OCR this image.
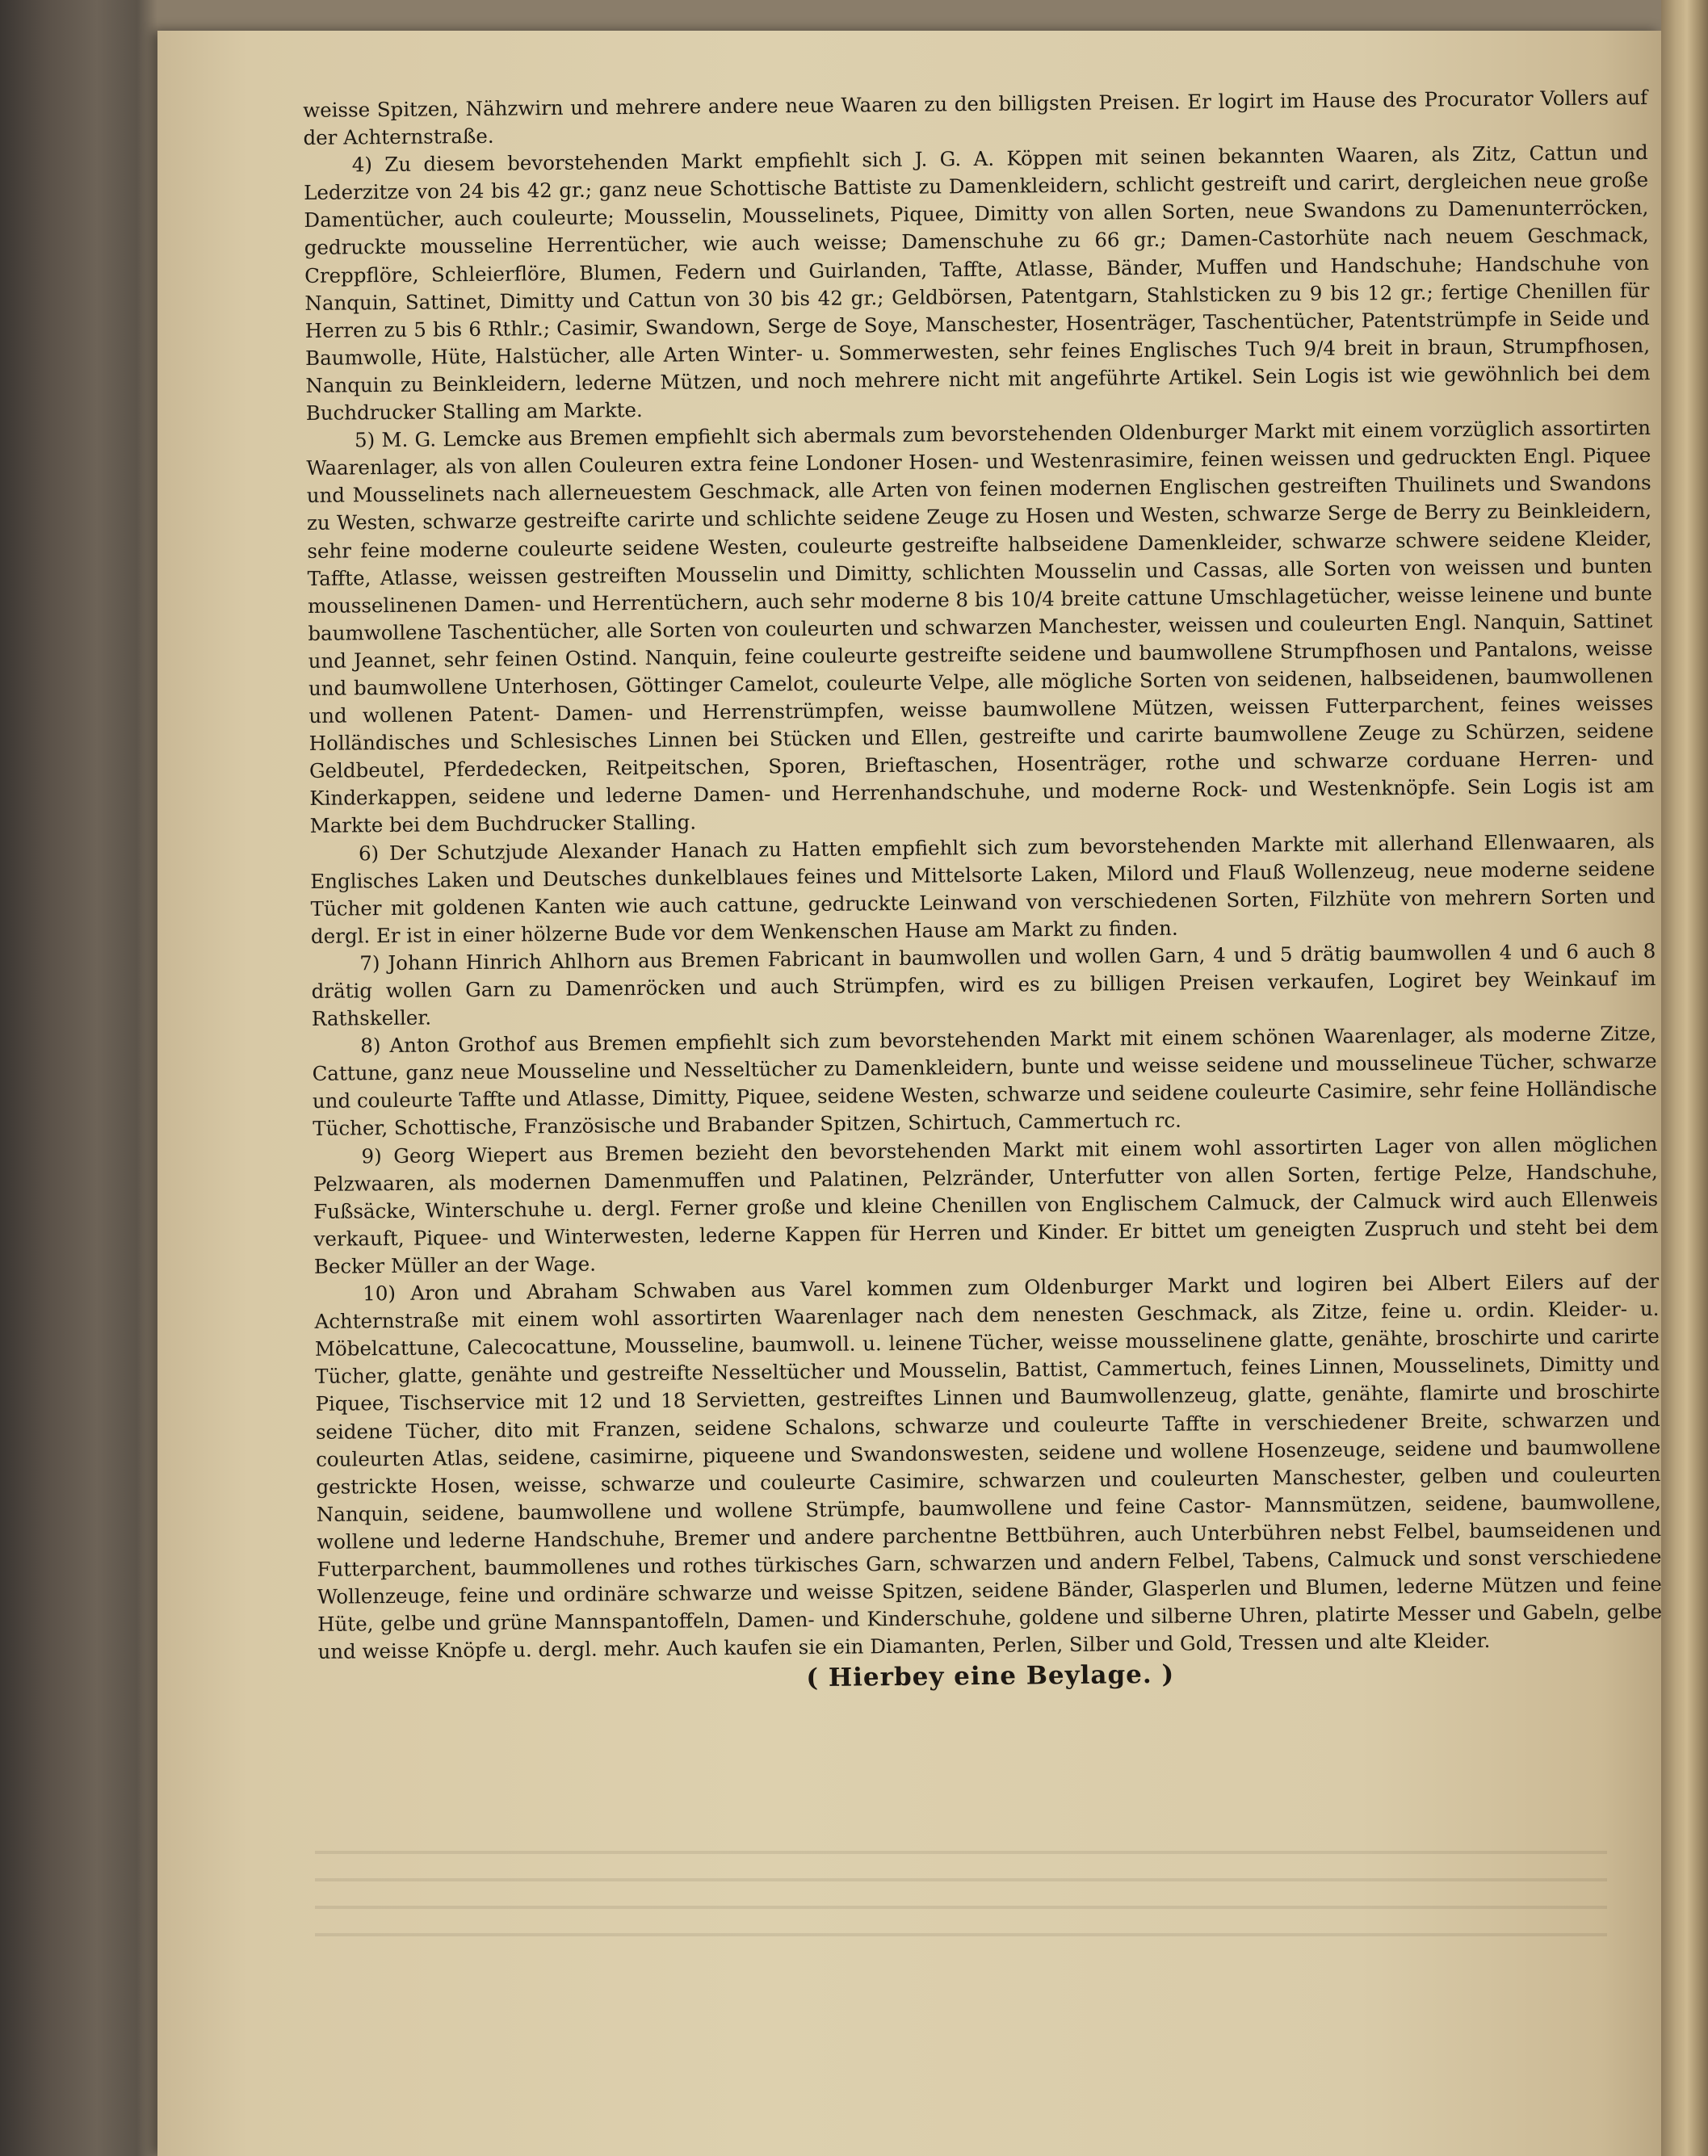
weisse Spitzen, Nähzwirn und mehrere andere neue Waaren zu den billigsten Preisen. Er logirt im Hause des Procurator Vollers auf der Achternstraße.

4) Zu diesem bevorstehenden Markt empfiehlt sich J. G. A. Köppen mit seinen bekannten Waaren, als Zitz, Cattun und Lederzitze von 24 bis 42 gr.; ganz neue Schottische Battiste zu Damenkleidern, schlicht gestreift und carirt, dergleichen neue große Damentücher, auch couleurte; Mousselin, Mousselinets, Piquee, Dimitty von allen Sorten, neue Swandons zu Damenunterröcken, gedruckte mousseline Herrentücher, wie auch weisse; Damenschuhe zu 66 gr.; Damen-Castorhüte nach neuem Geschmack, Creppflöre, Schleierflöre, Blumen, Federn und Guirlanden, Taffte, Atlasse, Bänder, Muffen und Handschuhe; Handschuhe von Nanquin, Sattinet, Dimitty und Cattun von 30 bis 42 gr.; Geldbörsen, Patentgarn, Stahlsticken zu 9 bis 12 gr.; fertige Chenillen für Herren zu 5 bis 6 Rthlr.; Casimir, Swandown, Serge de Soye, Manschester, Hosenträger, Taschentücher, Patentstrümpfe in Seide und Baumwolle, Hüte, Halstücher, alle Arten Winter- u. Sommerwesten, sehr feines Englisches Tuch 9/4 breit in braun, Strumpfhosen, Nanquin zu Beinkleidern, lederne Mützen, und noch mehrere nicht mit angeführte Artikel. Sein Logis ist wie gewöhnlich bei dem Buchdrucker Stalling am Markte.

5) M. G. Lemcke aus Bremen empfiehlt sich abermals zum bevorstehenden Oldenburger Markt mit einem vorzüglich assortirten Waarenlager, als von allen Couleuren extra feine Londoner Hosen- und Westenrasimire, feinen weissen und gedruckten Engl. Piquee und Mousselinets nach allerneuestem Geschmack, alle Arten von feinen modernen Englischen gestreiften Thuilinets und Swandons zu Westen, schwarze gestreifte carirte und schlichte seidene Zeuge zu Hosen und Westen, schwarze Serge de Berry zu Beinkleidern, sehr feine moderne couleurte seidene Westen, couleurte gestreifte halbseidene Damenkleider, schwarze schwere seidene Kleider, Taffte, Atlasse, weissen gestreiften Mousselin und Dimitty, schlichten Mousselin und Cassas, alle Sorten von weissen und bunten mousselinenen Damen- und Herrentüchern, auch sehr moderne 8 bis 10/4 breite cattune Umschlagetücher, weisse leinene und bunte baumwollene Taschentücher, alle Sorten von couleurten und schwarzen Manchester, weissen und couleurten Engl. Nanquin, Sattinet und Jeannet, sehr feinen Ostind. Nanquin, feine couleurte gestreifte seidene und baumwollene Strumpfhosen und Pantalons, weisse und baumwollene Unterhosen, Göttinger Camelot, couleurte Velpe, alle mögliche Sorten von seidenen, halbseidenen, baumwollenen und wollenen Patent- Damen- und Herrenstrümpfen, weisse baumwollene Mützen, weissen Futterparchent, feines weisses Holländisches und Schlesisches Linnen bei Stücken und Ellen, gestreifte und carirte baumwollene Zeuge zu Schürzen, seidene Geldbeutel, Pferdedecken, Reitpeitschen, Sporen, Brieftaschen, Hosenträger, rothe und schwarze corduane Herren- und Kinderkappen, seidene und lederne Damen- und Herrenhandschuhe, und moderne Rock- und Westenknöpfe. Sein Logis ist am Markte bei dem Buchdrucker Stalling.

6) Der Schutzjude Alexander Hanach zu Hatten empfiehlt sich zum bevorstehenden Markte mit allerhand Ellenwaaren, als Englisches Laken und Deutsches dunkelblaues feines und Mittelsorte Laken, Milord und Flauß Wollenzeug, neue moderne seidene Tücher mit goldenen Kanten wie auch cattune, gedruckte Leinwand von verschiedenen Sorten, Filzhüte von mehrern Sorten und dergl. Er ist in einer hölzerne Bude vor dem Wenkenschen Hause am Markt zu finden.

7) Johann Hinrich Ahlhorn aus Bremen Fabricant in baumwollen und wollen Garn, 4 und 5 drätig baumwollen 4 und 6 auch 8 drätig wollen Garn zu Damenröcken und auch Strümpfen, wird es zu billigen Preisen verkaufen, Logiret bey Weinkauf im Rathskeller.

8) Anton Grothof aus Bremen empfiehlt sich zum bevorstehenden Markt mit einem schönen Waarenlager, als moderne Zitze, Cattune, ganz neue Mousseline und Nesseltücher zu Damenkleidern, bunte und weisse seidene und mousselineue Tücher, schwarze und couleurte Taffte und Atlasse, Dimitty, Piquee, seidene Westen, schwarze und seidene couleurte Casimire, sehr feine Holländische Tücher, Schottische, Französische und Brabander Spitzen, Schirtuch, Cammertuch rc.

9) Georg Wiepert aus Bremen bezieht den bevorstehenden Markt mit einem wohl assortirten Lager von allen möglichen Pelzwaaren, als modernen Damenmuffen und Palatinen, Pelzränder, Unterfutter von allen Sorten, fertige Pelze, Handschuhe, Fußsäcke, Winterschuhe u. dergl. Ferner große und kleine Chenillen von Englischem Calmuck, der Calmuck wird auch Ellenweis verkauft, Piquee- und Winterwesten, lederne Kappen für Herren und Kinder. Er bittet um geneigten Zuspruch und steht bei dem Becker Müller an der Wage.

10) Aron und Abraham Schwaben aus Varel kommen zum Oldenburger Markt und logiren bei Albert Eilers auf der Achternstraße mit einem wohl assortirten Waarenlager nach dem nenesten Geschmack, als Zitze, feine u. ordin. Kleider- u. Möbelcattune, Calecocattune, Mousseline, baumwoll. u. leinene Tücher, weisse mousselinene glatte, genähte, broschirte und carirte Tücher, glatte, genähte und gestreifte Nesseltücher und Mousselin, Battist, Cammertuch, feines Linnen, Mousselinets, Dimitty und Piquee, Tischservice mit 12 und 18 Servietten, gestreiftes Linnen und Baumwollenzeug, glatte, genähte, flamirte und broschirte seidene Tücher, dito mit Franzen, seidene Schalons, schwarze und couleurte Taffte in verschiedener Breite, schwarzen und couleurten Atlas, seidene, casimirne, piqueene und Swandonswesten, seidene und wollene Hosenzeuge, seidene und baumwollene gestrickte Hosen, weisse, schwarze und couleurte Casimire, schwarzen und couleurten Manschester, gelben und couleurten Nanquin, seidene, baumwollene und wollene Strümpfe, baumwollene und feine Castor- Mannsmützen, seidene, baumwollene, wollene und lederne Handschuhe, Bremer und andere parchentne Bettbühren, auch Unterbühren nebst Felbel, baumseidenen und Futterparchent, baummollenes und rothes türkisches Garn, schwarzen und andern Felbel, Tabens, Calmuck und sonst verschiedene Wollenzeuge, feine und ordinäre schwarze und weisse Spitzen, seidene Bänder, Glasperlen und Blumen, lederne Mützen und feine Hüte, gelbe und grüne Mannspantoffeln, Damen- und Kinderschuhe, goldene und silberne Uhren, platirte Messer und Gabeln, gelbe und weisse Knöpfe u. dergl. mehr. Auch kaufen sie ein Diamanten, Perlen, Silber und Gold, Tressen und alte Kleider.

( Hierbey eine Beylage. )
